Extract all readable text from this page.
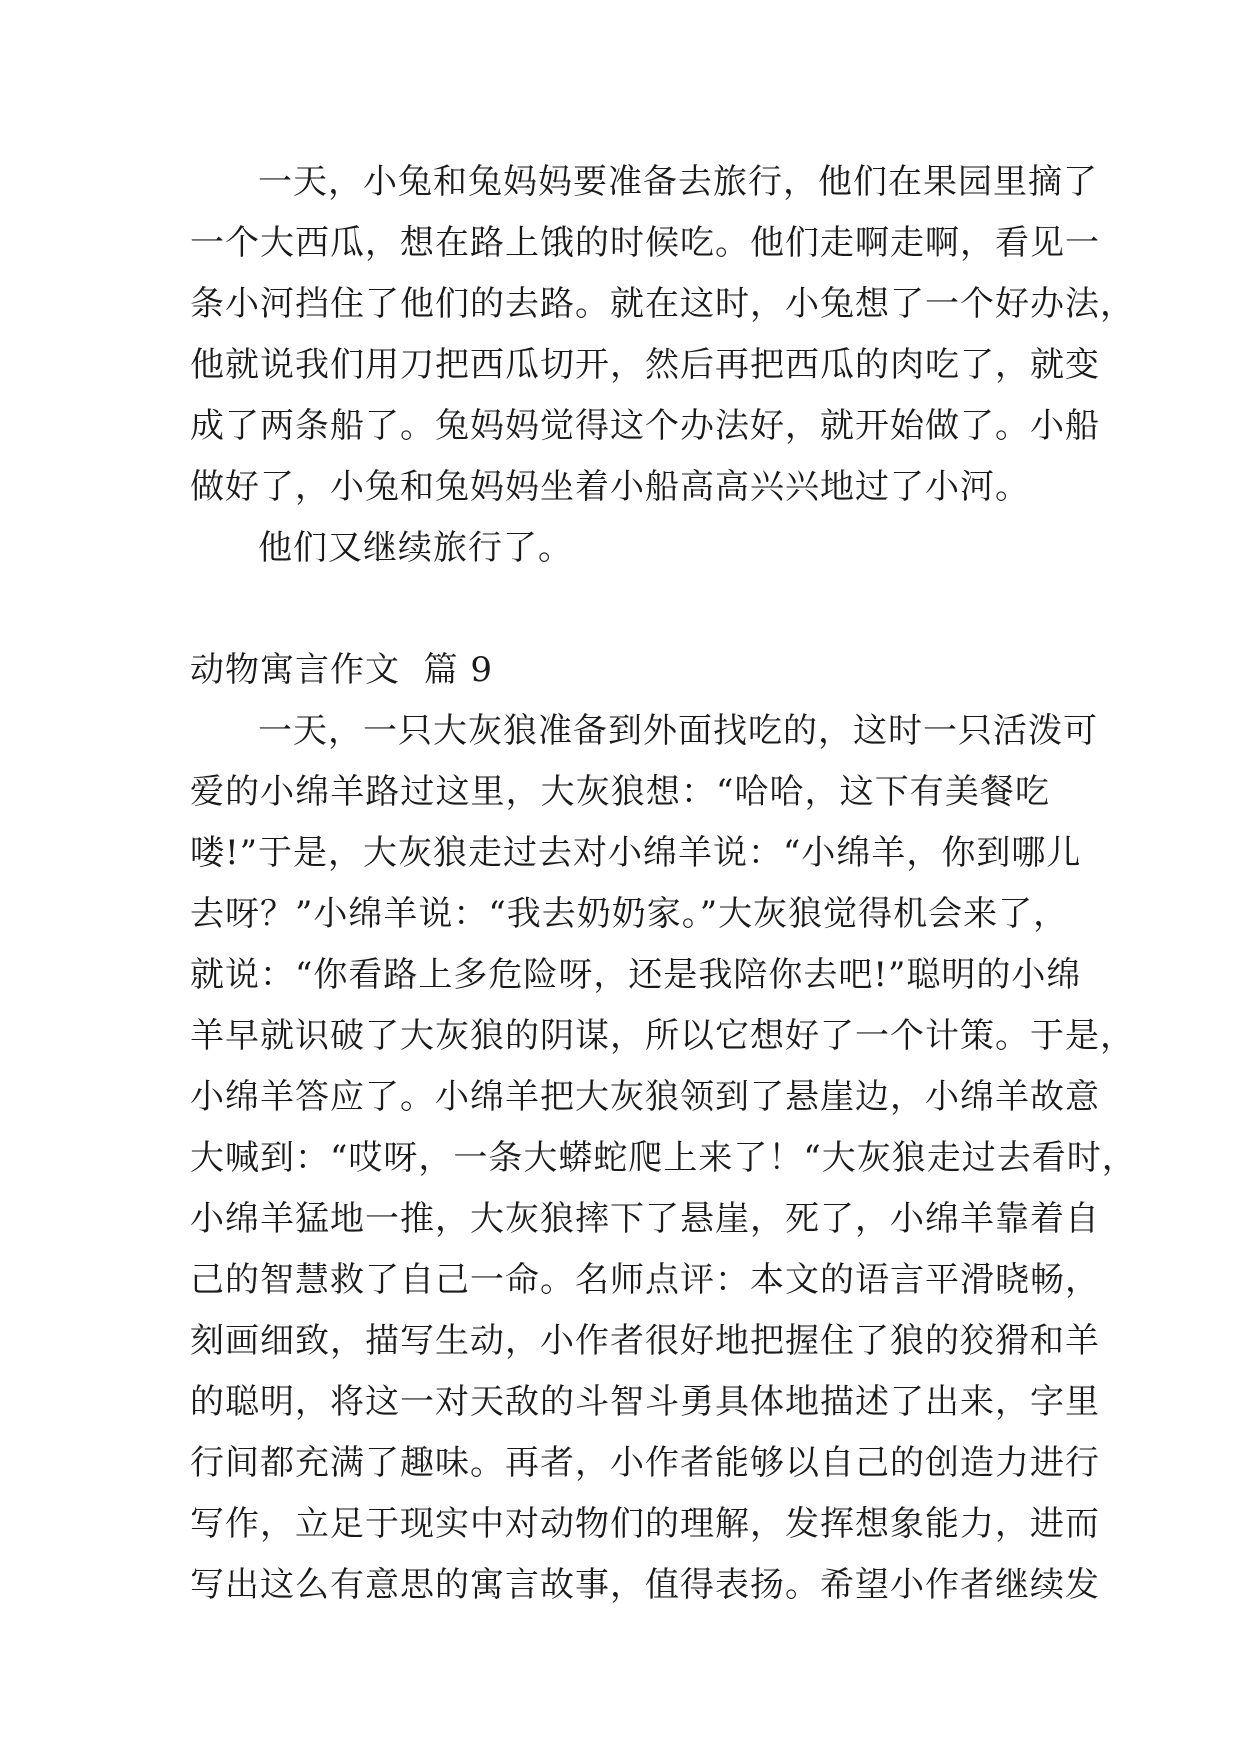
一天，小兔和兔妈妈要准备去旅行，他们在果园里摘了
一个大西瓜，想在路上饿的时候吃。他们走啊走啊，看见一
条小河挡住了他们的去路。就在这时，小兔想了一个好办法，
他就说我们用刀把西瓜切开，然后再把西瓜的肉吃了，就变
成了两条船了。兔妈妈觉得这个办法好，就开始做了。小船
做好了，小兔和兔妈妈坐着小船高高兴兴地过了小河。
他们又继续旅行了。
动物寓言作文  篇 9
一天，一只大灰狼准备到外面找吃的，这时一只活泼可
爱的小绵羊路过这里，大灰狼想：“哈哈，这下有美餐吃
喽!”于是，大灰狼走过去对小绵羊说：“小绵羊，你到哪儿
去呀？”小绵羊说：“我去奶奶家。”大灰狼觉得机会来了，
就说：“你看路上多危险呀，还是我陪你去吧!”聪明的小绵
羊早就识破了大灰狼的阴谋，所以它想好了一个计策。于是，
小绵羊答应了。小绵羊把大灰狼领到了悬崖边，小绵羊故意
大喊到：“哎呀，一条大蟒蛇爬上来了！“大灰狼走过去看时，
小绵羊猛地一推，大灰狼摔下了悬崖，死了，小绵羊靠着自
己的智慧救了自己一命。名师点评：本文的语言平滑晓畅，
刻画细致，描写生动，小作者很好地把握住了狼的狡猾和羊
的聪明，将这一对天敌的斗智斗勇具体地描述了出来，字里
行间都充满了趣味。再者，小作者能够以自己的创造力进行
写作，立足于现实中对动物们的理解，发挥想象能力，进而
写出这么有意思的寓言故事，值得表扬。希望小作者继续发
